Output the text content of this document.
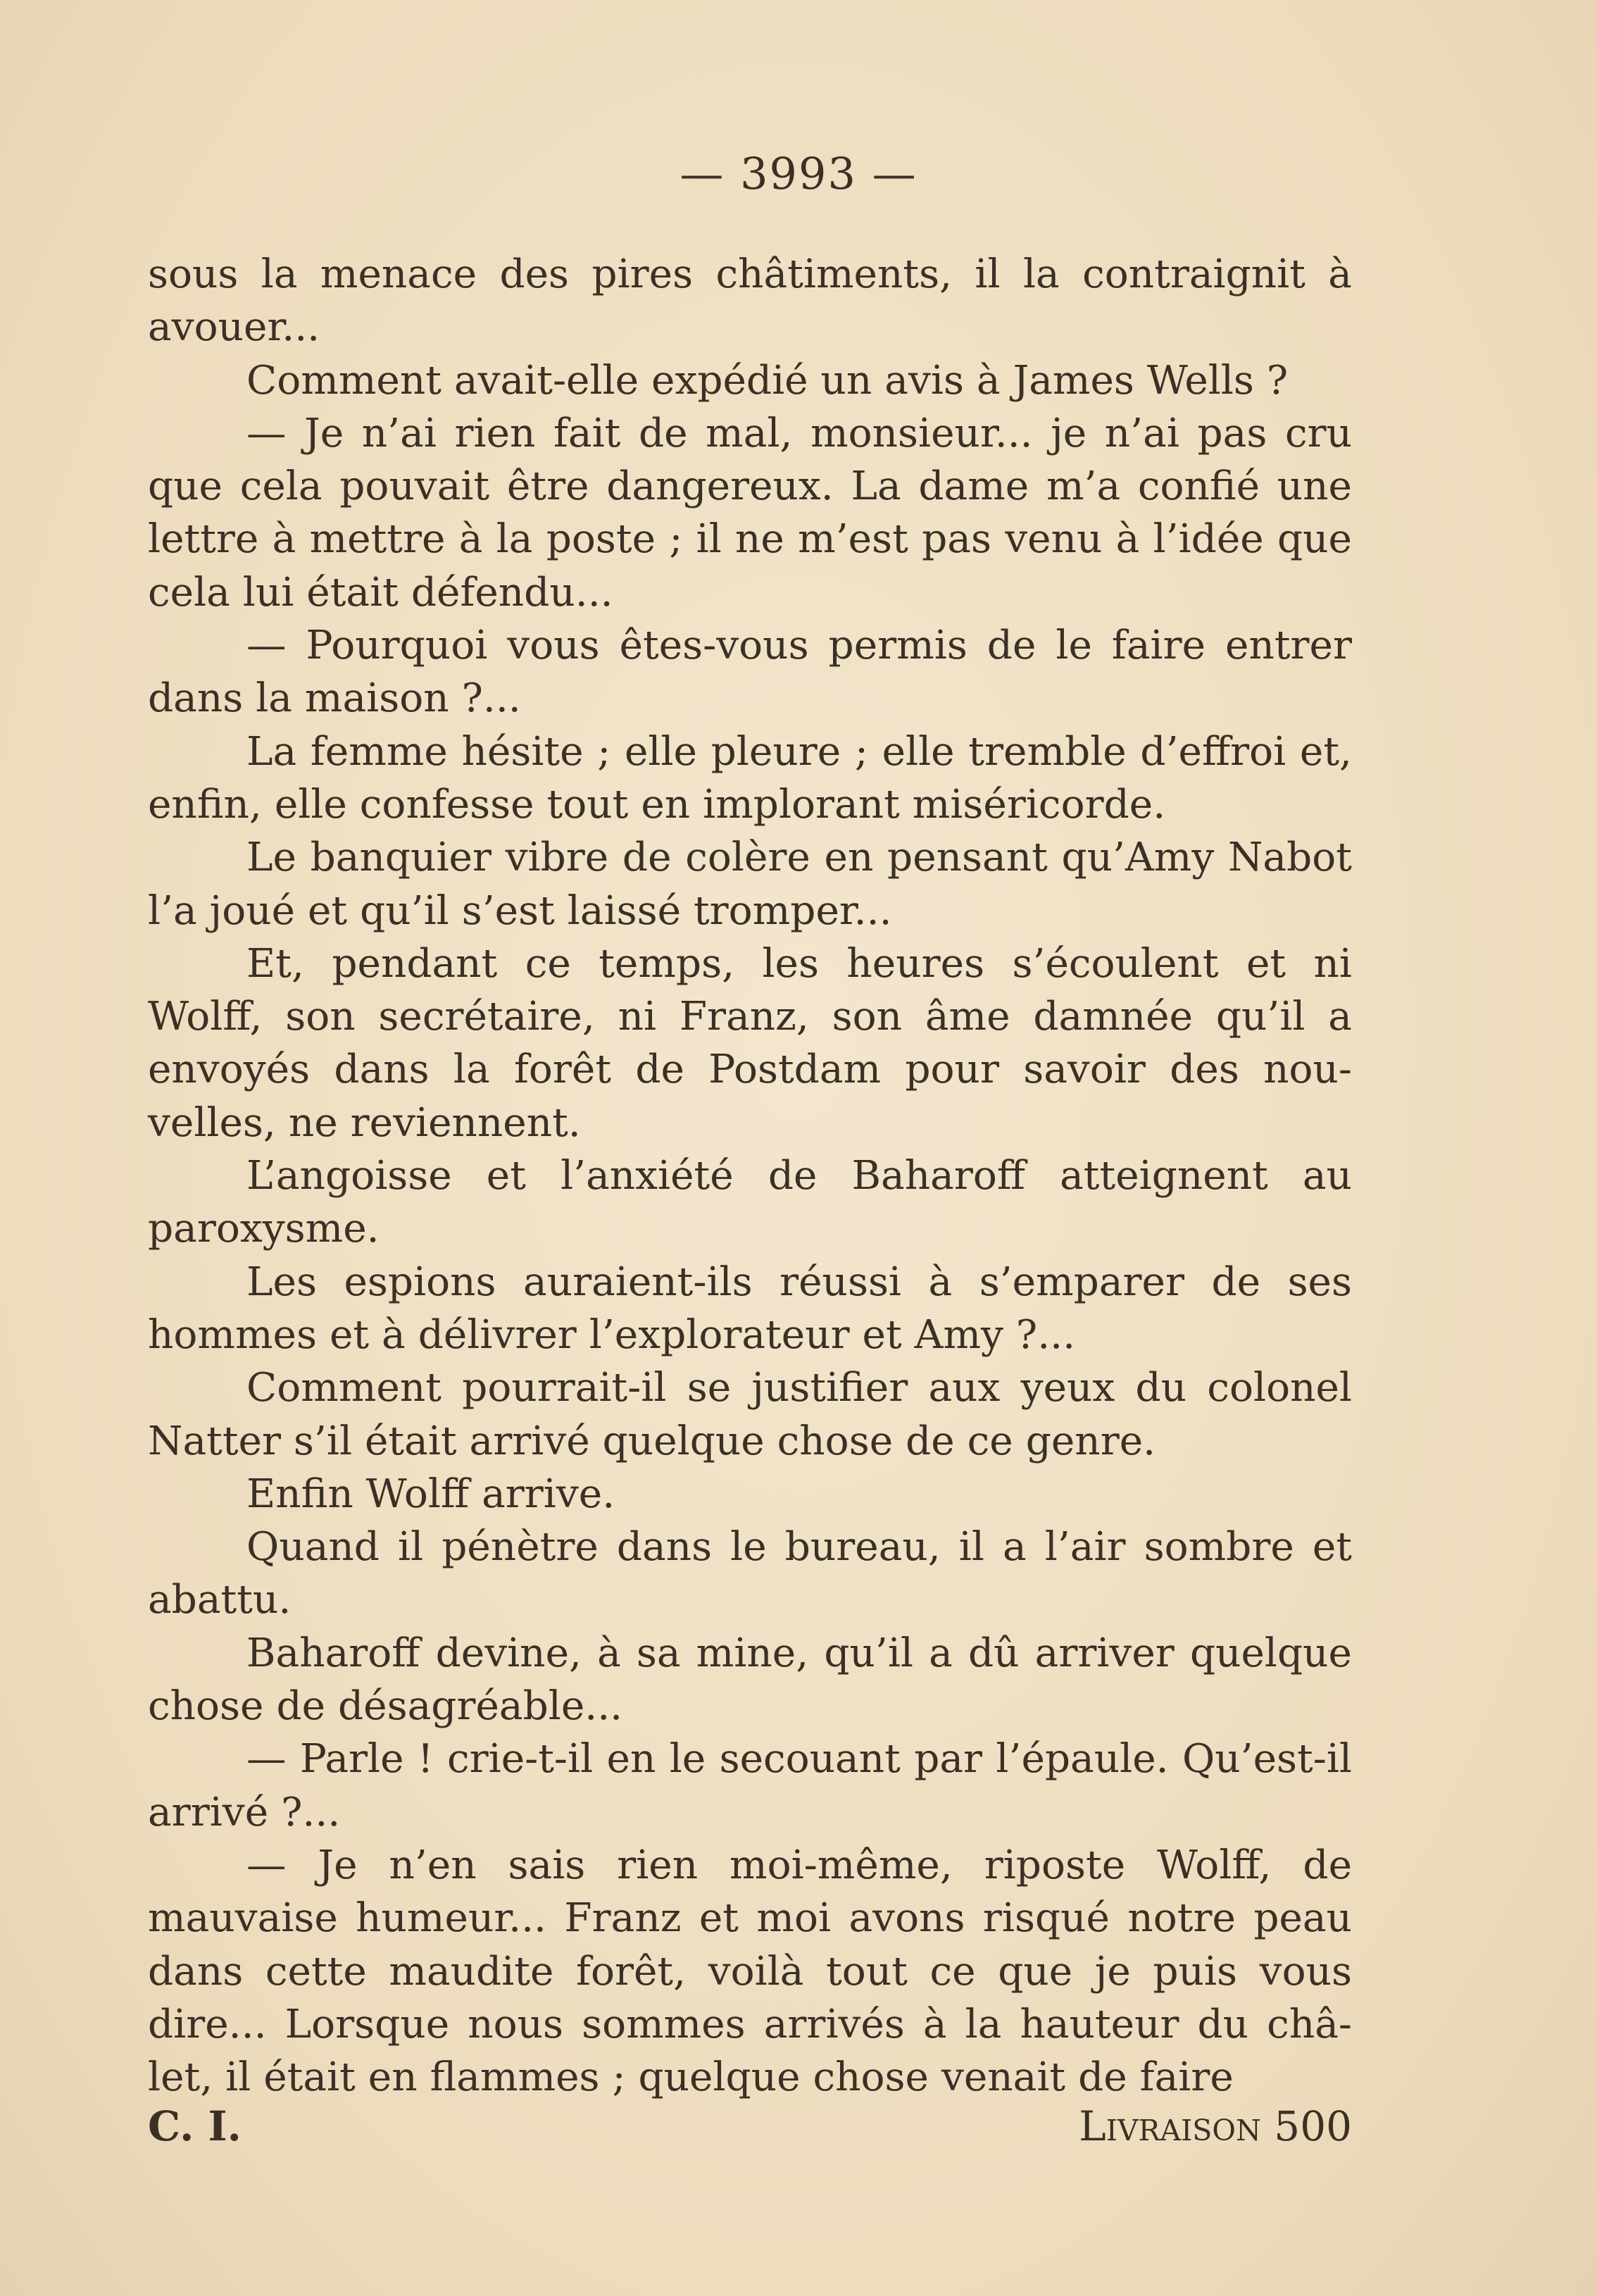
— 3993 —

sous la menace des pires châtiments, il la contraignit à avouer...

Comment avait-elle expédié un avis à James Wells ?

— Je n’ai rien fait de mal, monsieur... je n’ai pas cru que cela pouvait être dangereux. La dame m’a confié une lettre à mettre à la poste ; il ne m’est pas venu à l’idée que cela lui était défendu...

— Pourquoi vous êtes-vous permis de le faire entrer dans la maison ?...

La femme hésite ; elle pleure ; elle tremble d’effroi et, enfin, elle confesse tout en implorant miséricorde.

Le banquier vibre de colère en pensant qu’Amy Nabot l’a joué et qu’il s’est laissé tromper...

Et, pendant ce temps, les heures s’écoulent et ni Wolff, son secrétaire, ni Franz, son âme damnée qu’il a envoyés dans la forêt de Postdam pour savoir des nouvelles, ne reviennent.

L’angoisse et l’anxiété de Baharoff atteignent au paroxysme.

Les espions auraient-ils réussi à s’emparer de ses hommes et à délivrer l’explorateur et Amy ?...

Comment pourrait-il se justifier aux yeux du colonel Natter s’il était arrivé quelque chose de ce genre.

Enfin Wolff arrive.

Quand il pénètre dans le bureau, il a l’air sombre et abattu.

Baharoff devine, à sa mine, qu’il a dû arriver quelque chose de désagréable...

— Parle ! crie-t-il en le secouant par l’épaule. Qu’est-il arrivé ?...

— Je n’en sais rien moi-même, riposte Wolff, de mauvaise humeur... Franz et moi avons risqué notre peau dans cette maudite forêt, voilà tout ce que je puis vous dire... Lorsque nous sommes arrivés à la hauteur du châlet, il était en flammes ; quelque chose venait de faire

C. I.	Livraison 500
